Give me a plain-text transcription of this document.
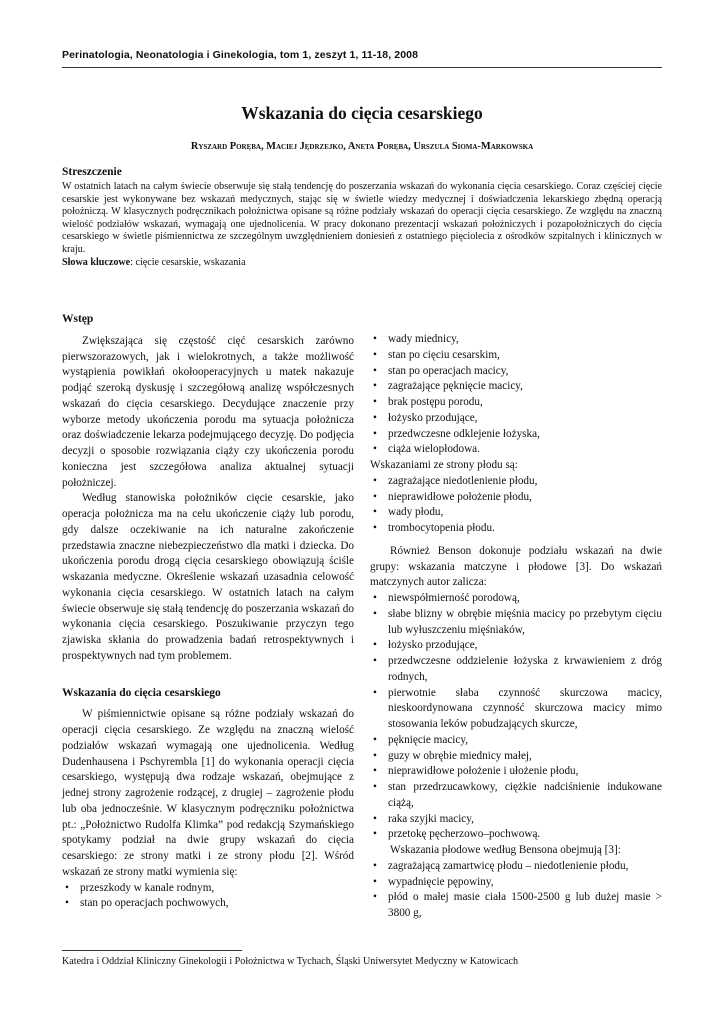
Perinatologia, Neonatologia i Ginekologia, tom 1, zeszyt 1, 11-18, 2008
Wskazania do cięcia cesarskiego
Ryszard Poręba, Maciej Jędrzejko, Aneta Poręba, Urszula Sioma-Markowska
Streszczenie

W ostatnich latach na całym świecie obserwuje się stałą tendencję do poszerzania wskazań do wykonania cięcia cesarskiego. Coraz częściej cięcie cesarskie jest wykonywane bez wskazań medycznych, stając się w świetle wiedzy medycznej i doświadczenia lekarskiego zbędną operacją położniczą. W klasycznych podręcznikach położnictwa opisane są różne podziały wskazań do operacji cięcia cesarskiego. Ze względu na znaczną wielość podziałów wskazań, wymagają one ujednolicenia. W pracy dokonano prezentacji wskazań położniczych i pozapołożniczych do cięcia cesarskiego w świetle piśmiennictwa ze szczególnym uwzględnieniem doniesień z ostatniego pięciolecia z ośrodków szpitalnych i klinicznych w kraju.

Słowa kluczowe: cięcie cesarskie, wskazania

Wstęp

Zwiększająca się częstość cięć cesarskich zarówno pierwszorazowych, jak i wielokrotnych, a także możliwość wystąpienia powikłań okołooperacyjnych u matek nakazuje podjąć szeroką dyskusję i szczegółową analizę współczesnych wskazań do cięcia cesarskiego. Decydujące znaczenie przy wyborze metody ukończenia porodu ma sytuacja położnicza oraz doświadczenie lekarza podejmującego decyzję. Do podjęcia decyzji o sposobie rozwiązania ciąży czy ukończenia porodu konieczna jest szczegółowa analiza aktualnej sytuacji położniczej.

Według stanowiska położników cięcie cesarskie, jako operacja położnicza ma na celu ukończenie ciąży lub porodu, gdy dalsze oczekiwanie na ich naturalne zakończenie przedstawia znaczne niebezpieczeństwo dla matki i dziecka. Do ukończenia porodu drogą cięcia cesarskiego obowiązują ściśle wskazania medyczne. Określenie wskazań uzasadnia celowość wykonania cięcia cesarskiego. W ostatnich latach na całym świecie obserwuje się stałą tendencję do poszerzania wskazań do wykonania cięcia cesarskiego. Poszukiwanie przyczyn tego zjawiska skłania do prowadzenia badań retrospektywnych i prospektywnych nad tym problemem.

Wskazania do cięcia cesarskiego

W piśmiennictwie opisane są różne podziały wskazań do operacji cięcia cesarskiego. Ze względu na znaczną wielość podziałów wskazań wymagają one ujednolicenia. Według Dudenhausena i Pschyrembla [1] do wykonania operacji cięcia cesarskiego, występują dwa rodzaje wskazań, obejmujące z jednej strony zagrożenie rodzącej, z drugiej – zagrożenie płodu lub oba jednocześnie. W klasycznym podręczniku położnictwa pt.: „Położnictwo Rudolfa Klimka” pod redakcją Szymańskiego spotykamy podział na dwie grupy wskazań do cięcia cesarskiego: ze strony matki i ze strony płodu [2]. Wśród wskazań ze strony matki wymienia się:

• przeszkody w kanale rodnym,
• stan po operacjach pochwowych,
• wady miednicy,
• stan po cięciu cesarskim,
• stan po operacjach macicy,
• zagrażające pęknięcie macicy,
• brak postępu porodu,
• łożysko przodujące,
• przedwczesne odklejenie łożyska,
• ciąża wielopłodowa.

Wskazaniami ze strony płodu są:

• zagrażające niedotlenienie płodu,
• nieprawidłowe położenie płodu,
• wady płodu,
• trombocytopenia płodu.

Również Benson dokonuje podziału wskazań na dwie grupy: wskazania matczyne i płodowe [3]. Do wskazań matczynych autor zalicza:

• niewspółmierność porodową,
• słabe blizny w obrębie mięśnia macicy po przebytym cięciu lub wyłuszczeniu mięśniaków,
• łożysko przodujące,
• przedwczesne oddzielenie łożyska z krwawieniem z dróg rodnych,
• pierwotnie słaba czynność skurczowa macicy, nieskoordynowana czynność skurczowa macicy mimo stosowania leków pobudzających skurcze,
• pęknięcie macicy,
• guzy w obrębie miednicy małej,
• nieprawidłowe położenie i ułożenie płodu,
• stan przedrzucawkowy, ciężkie nadciśnienie indukowane ciążą,
• raka szyjki macicy,
• przetokę pęcherzowo–pochwową.

Wskazania płodowe według Bensona obejmują [3]:

• zagrażającą zamartwicę płodu – niedotlenienie płodu,
• wypadnięcie pępowiny,
• płód o małej masie ciała 1500-2500 g lub dużej masie > 3800 g,
Katedra i Oddział Kliniczny Ginekologii i Położnictwa w Tychach, Śląski Uniwersytet Medyczny w Katowicach
